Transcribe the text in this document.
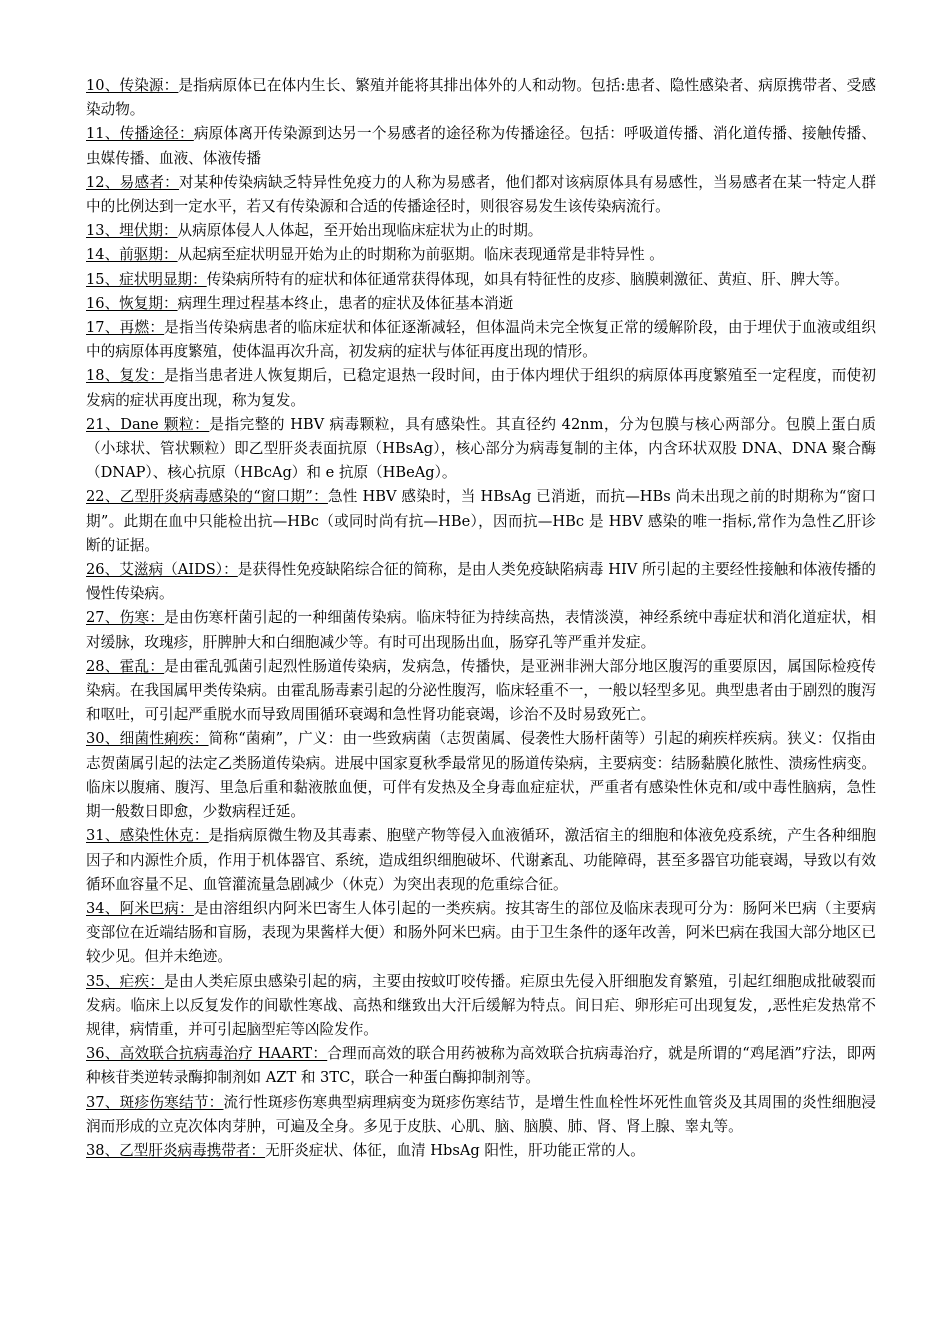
10、传染源：是指病原体已在体内生长、繁殖并能将其排出体外的人和动物。包括:患者、隐性感染者、病原携带者、受感染动物。

11、传播途径：病原体离开传染源到达另一个易感者的途径称为传播途径。包括：呼吸道传播、消化道传播、接触传播、虫媒传播、血液、体液传播

12、易感者：对某种传染病缺乏特异性免疫力的人称为易感者，他们都对该病原体具有易感性，当易感者在某一特定人群中的比例达到一定水平，若又有传染源和合适的传播途径时，则很容易发生该传染病流行。

13、埋伏期：从病原体侵人人体起，至开始出现临床症状为止的时期。

14、前驱期：从起病至症状明显开始为止的时期称为前驱期。临床表现通常是非特异性 。

15、症状明显期：传染病所特有的症状和体征通常获得体现，如具有特征性的皮疹、脑膜刺激征、黄疸、肝、脾大等。

16、恢复期：病理生理过程基本终止，患者的症状及体征基本消逝

17、再燃：是指当传染病患者的临床症状和体征逐渐减轻，但体温尚未完全恢复正常的缓解阶段，由于埋伏于血液或组织中的病原体再度繁殖，使体温再次升高，初发病的症状与体征再度出现的情形。

18、复发：是指当患者进人恢复期后，已稳定退热一段时间，由于体内埋伏于组织的病原体再度繁殖至一定程度，而使初发病的症状再度出现，称为复发。

21、Dane 颗粒：是指完整的 HBV 病毒颗粒，具有感染性。其直径约 42nm，分为包膜与核心两部分。包膜上蛋白质（小球状、管状颗粒）即乙型肝炎表面抗原（HBsAg），核心部分为病毒复制的主体，内含环状双股 DNA、DNA 聚合酶（DNAP）、核心抗原（HBcAg）和 e 抗原（HBeAg）。

22、乙型肝炎病毒感染的“窗口期”：急性 HBV 感染时，当 HBsAg 已消逝，而抗—HBs 尚未出现之前的时期称为“窗口期”。此期在血中只能检出抗—HBc（或同时尚有抗—HBe），因而抗—HBc 是 HBV 感染的唯一指标,常作为急性乙肝诊断的证据。

26、艾滋病（AIDS）：是获得性免疫缺陷综合征的简称，是由人类免疫缺陷病毒 HIV 所引起的主要经性接触和体液传播的慢性传染病。

27、伤寒：是由伤寒杆菌引起的一种细菌传染病。临床特征为持续高热，表情淡漠，神经系统中毒症状和消化道症状，相对缓脉，玫瑰疹，肝脾肿大和白细胞减少等。有时可出现肠出血，肠穿孔等严重并发症。

28、霍乱：是由霍乱弧菌引起烈性肠道传染病，发病急，传播快，是亚洲非洲大部分地区腹泻的重要原因，属国际检疫传染病。在我国属甲类传染病。由霍乱肠毒素引起的分泌性腹泻，临床轻重不一，一般以轻型多见。典型患者由于剧烈的腹泻和呕吐，可引起严重脱水而导致周围循环衰竭和急性肾功能衰竭，诊治不及时易致死亡。

30、细菌性痢疾：简称“菌痢”，广义：由一些致病菌（志贺菌属、侵袭性大肠杆菌等）引起的痢疾样疾病。狭义：仅指由志贺菌属引起的法定乙类肠道传染病。进展中国家夏秋季最常见的肠道传染病，主要病变：结肠黏膜化脓性、溃疡性病变。临床以腹痛、腹泻、里急后重和黏液脓血便，可伴有发热及全身毒血症症状，严重者有感染性休克和/或中毒性脑病，急性期一般数日即愈，少数病程迁延。

31、感染性休克：是指病原微生物及其毒素、胞壁产物等侵入血液循环，激活宿主的细胞和体液免疫系统，产生各种细胞因子和内源性介质，作用于机体器官、系统，造成组织细胞破坏、代谢紊乱、功能障碍，甚至多器官功能衰竭，导致以有效循环血容量不足、血管灌流量急剧减少（休克）为突出表现的危重综合征。

34、阿米巴病：是由溶组织内阿米巴寄生人体引起的一类疾病。按其寄生的部位及临床表现可分为：肠阿米巴病（主要病变部位在近端结肠和盲肠，表现为果酱样大便）和肠外阿米巴病。由于卫生条件的逐年改善，阿米巴病在我国大部分地区已较少见。但并未绝迹。

35、疟疾：是由人类疟原虫感染引起的病，主要由按蚊叮咬传播。疟原虫先侵入肝细胞发育繁殖，引起红细胞成批破裂而发病。临床上以反复发作的间歇性寒战、高热和继致出大汗后缓解为特点。间日疟、卵形疟可出现复发，,恶性疟发热常不规律，病情重，并可引起脑型疟等凶险发作。

36、高效联合抗病毒治疗 HAART：合理而高效的联合用药被称为高效联合抗病毒治疗，就是所谓的“鸡尾酒”疗法，即两种核苷类逆转录酶抑制剂如 AZT 和 3TC，联合一种蛋白酶抑制剂等。

37、斑疹伤寒结节：流行性斑疹伤寒典型病理病变为斑疹伤寒结节，是增生性血栓性坏死性血管炎及其周围的炎性细胞浸润而形成的立克次体肉芽肿，可遍及全身。多见于皮肤、心肌、脑、脑膜、肺、肾、肾上腺、睾丸等。

38、乙型肝炎病毒携带者：无肝炎症状、体征，血清 HbsAg 阳性，肝功能正常的人。
